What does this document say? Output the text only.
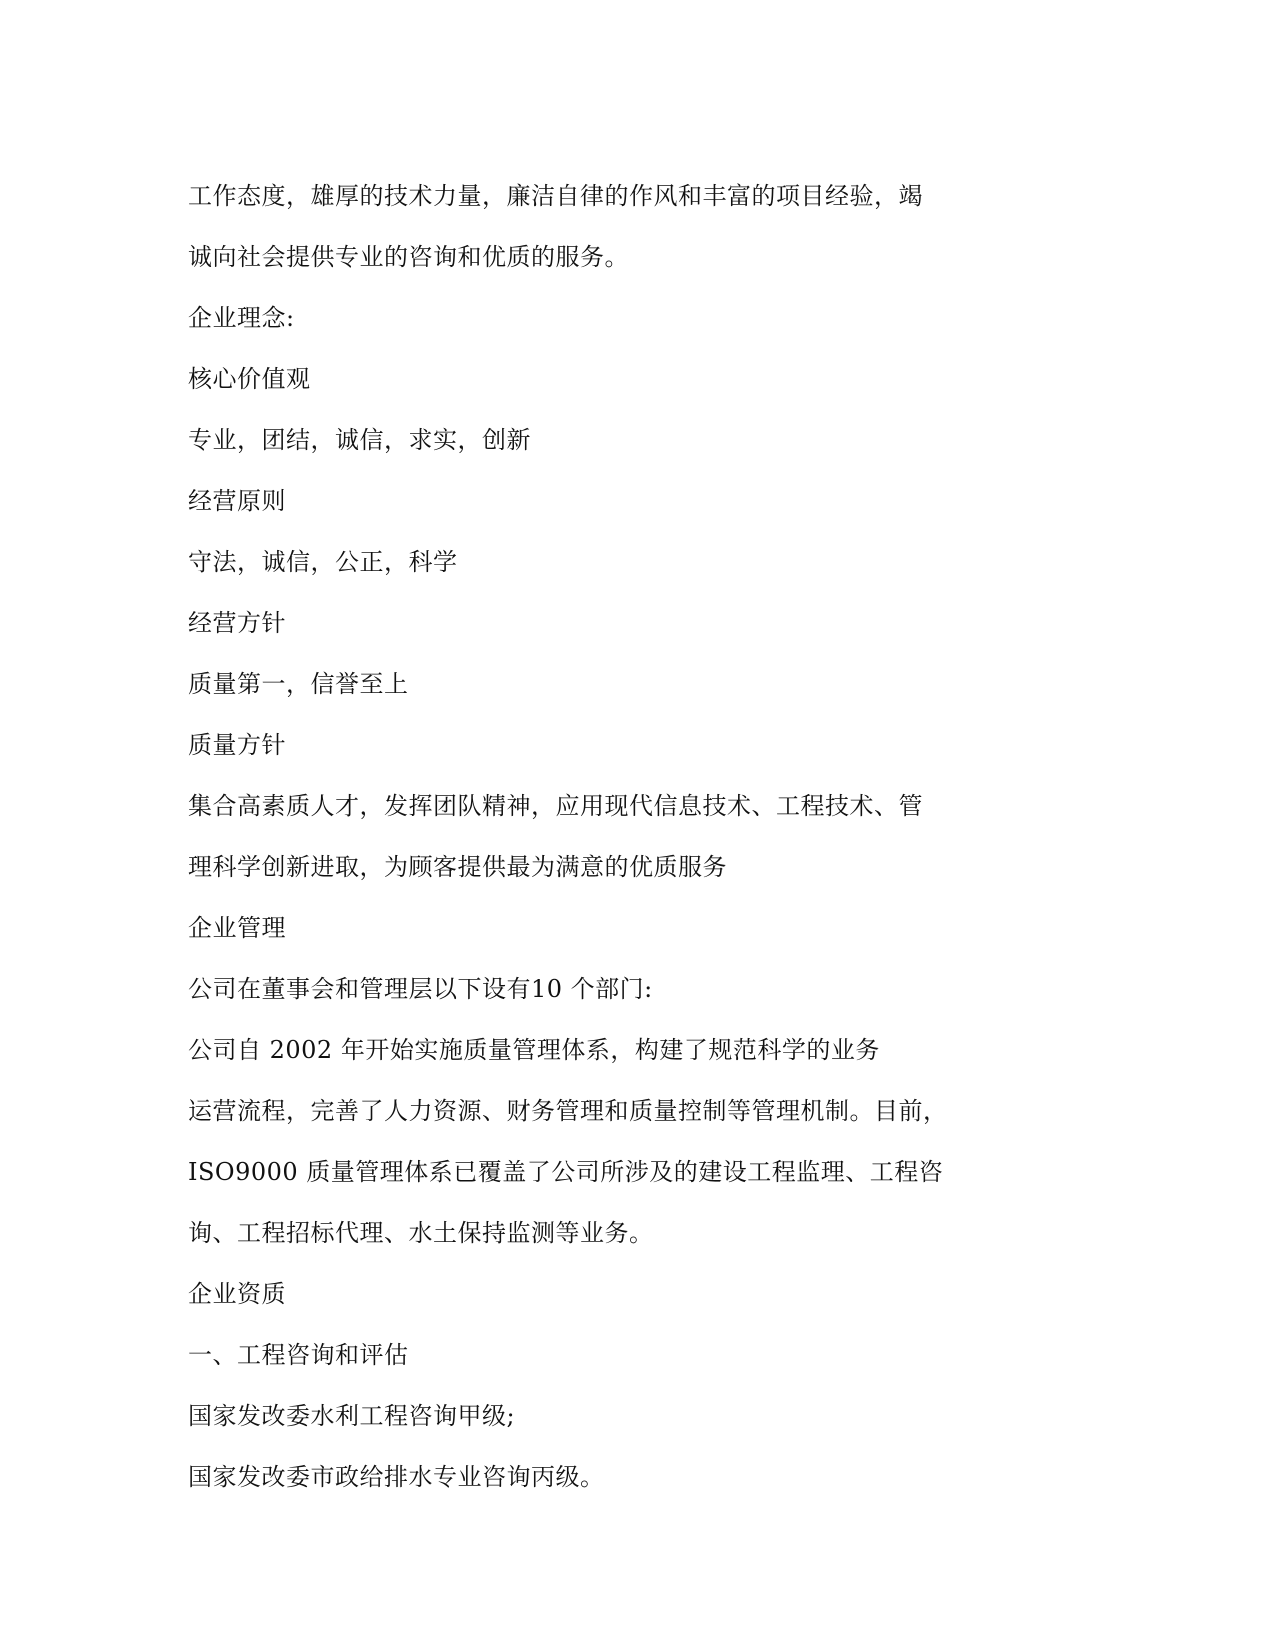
工作态度，雄厚的技术力量，廉洁自律的作风和丰富的项目经验，竭
诚向社会提供专业的咨询和优质的服务。
企业理念:
核心价值观
专业，团结，诚信，求实，创新
经营原则
守法，诚信，公正，科学
经营方针
质量第一，信誉至上
质量方针
集合高素质人才，发挥团队精神，应用现代信息技术、工程技术、管
理科学创新进取，为顾客提供最为满意的优质服务
企业管理
公司在董事会和管理层以下设有10 个部门:
公司自 2002 年开始实施质量管理体系，构建了规范科学的业务
运营流程，完善了人力资源、财务管理和质量控制等管理机制。目前，
ISO9000 质量管理体系已覆盖了公司所涉及的建设工程监理、工程咨
询、工程招标代理、水土保持监测等业务。
企业资质
一、工程咨询和评估
国家发改委水利工程咨询甲级;
国家发改委市政给排水专业咨询丙级。
